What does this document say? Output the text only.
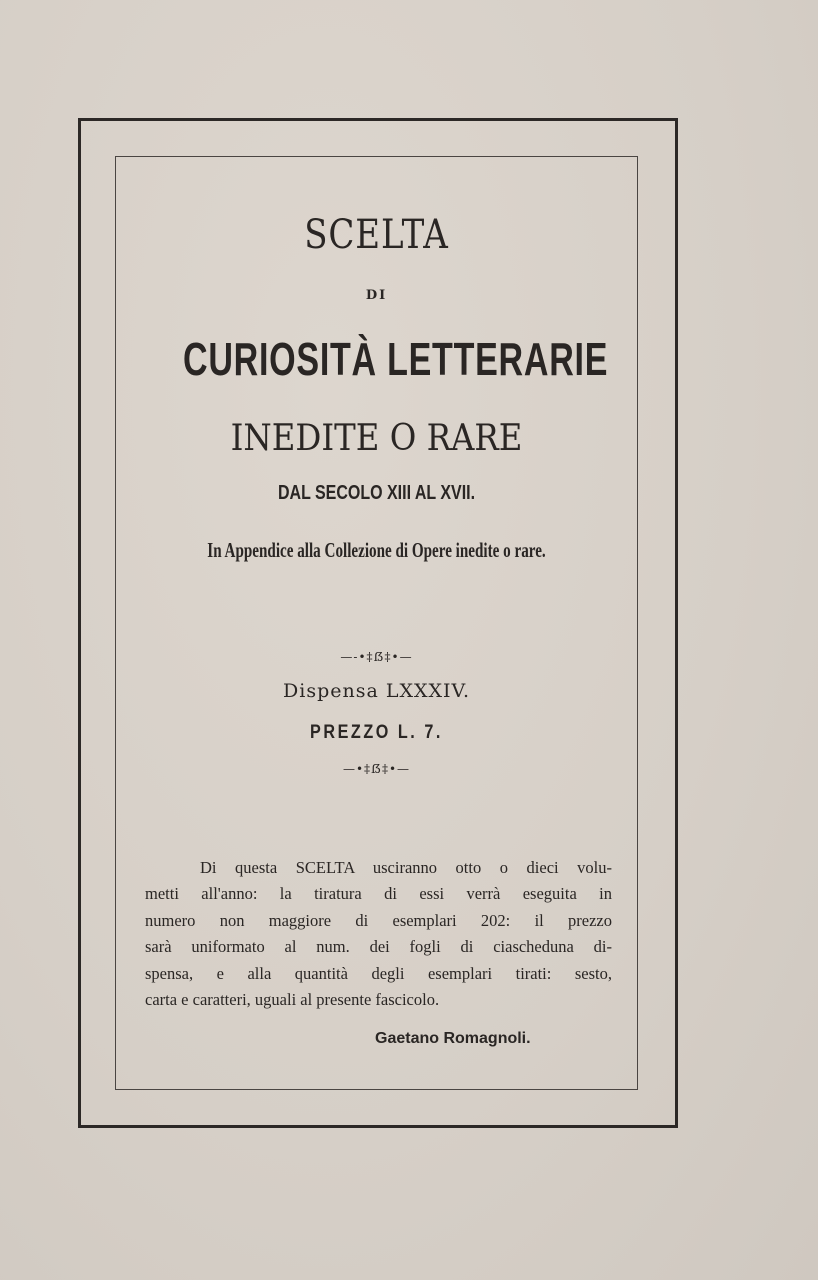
SCELTA
DI
CURIOSITÀ LETTERARIE
INEDITE O RARE
DAL SECOLO XIII AL XVII.
In Appendice alla Collezione di Opere inedite o rare.
—-•‡ẞ‡•—
Dispensa LXXXIV.
PREZZO L. 7.
—•‡ẞ‡•—
Di questa SCELTA usciranno otto o dieci volu-
metti all'anno: la tiratura di essi verrà eseguita in
numero non maggiore di esemplari 202: il prezzo
sarà uniformato al num. dei fogli di ciascheduna di-
spensa, e alla quantità degli esemplari tirati: sesto,
carta e caratteri, uguali al presente fascicolo.
Gaetano Romagnoli.
